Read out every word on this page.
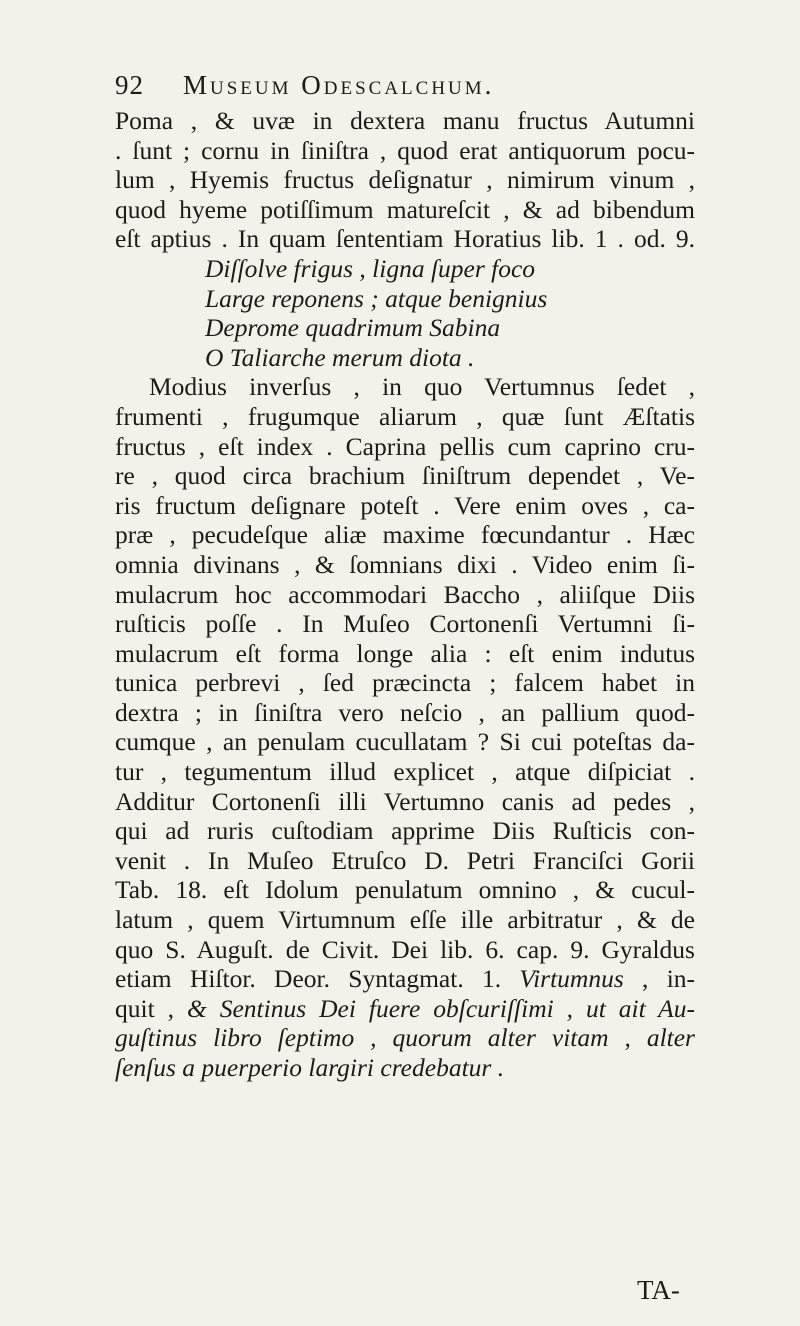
92 Museum Odescalchum.
Poma , & uvæ in dextera manu fructus Autumni
. ſunt ; cornu in ſiniſtra , quod erat antiquorum pocu-
lum , Hyemis fructus deſignatur , nimirum vinum ,
quod hyeme potiſſimum matureſcit , & ad bibendum
eſt aptius . In quam ſententiam Horatius lib. 1 . od. 9.
Diſſolve frigus , ligna ſuper foco
Large reponens ; atque benignius
Deprome quadrimum Sabina
O Taliarche merum diota .
Modius inverſus , in quo Vertumnus ſedet ,
frumenti , frugumque aliarum , quæ ſunt Æſtatis
fructus , eſt index . Caprina pellis cum caprino cru-
re , quod circa brachium ſiniſtrum dependet , Ve-
ris fructum deſignare poteſt . Vere enim oves , ca-
præ , pecudeſque aliæ maxime fœcundantur . Hæc
omnia divinans , & ſomnians dixi . Video enim ſi-
mulacrum hoc accommodari Baccho , aliiſque Diis
ruſticis poſſe . In Muſeo Cortonenſi Vertumni ſi-
mulacrum eſt forma longe alia : eſt enim indutus
tunica perbrevi , ſed præcincta ; falcem habet in
dextra ; in ſiniſtra vero neſcio , an pallium quod-
cumque , an penulam cucullatam ? Si cui poteſtas da-
tur , tegumentum illud explicet , atque diſpiciat .
Additur Cortonenſi illi Vertumno canis ad pedes ,
qui ad ruris cuſtodiam apprime Diis Ruſticis con-
venit . In Muſeo Etruſco D. Petri Franciſci Gorii
Tab. 18. eſt Idolum penulatum omnino , & cucul-
latum , quem Virtumnum eſſe ille arbitratur , & de
quo S. Auguſt. de Civit. Dei lib. 6. cap. 9. Gyraldus
etiam Hiſtor. Deor. Syntagmat. 1. Virtumnus , in-
quit , & Sentinus Dei fuere obſcuriſſimi , ut ait Au-
guſtinus libro ſeptimo , quorum alter vitam , alter
ſenſus a puerperio largiri credebatur .
TA-
